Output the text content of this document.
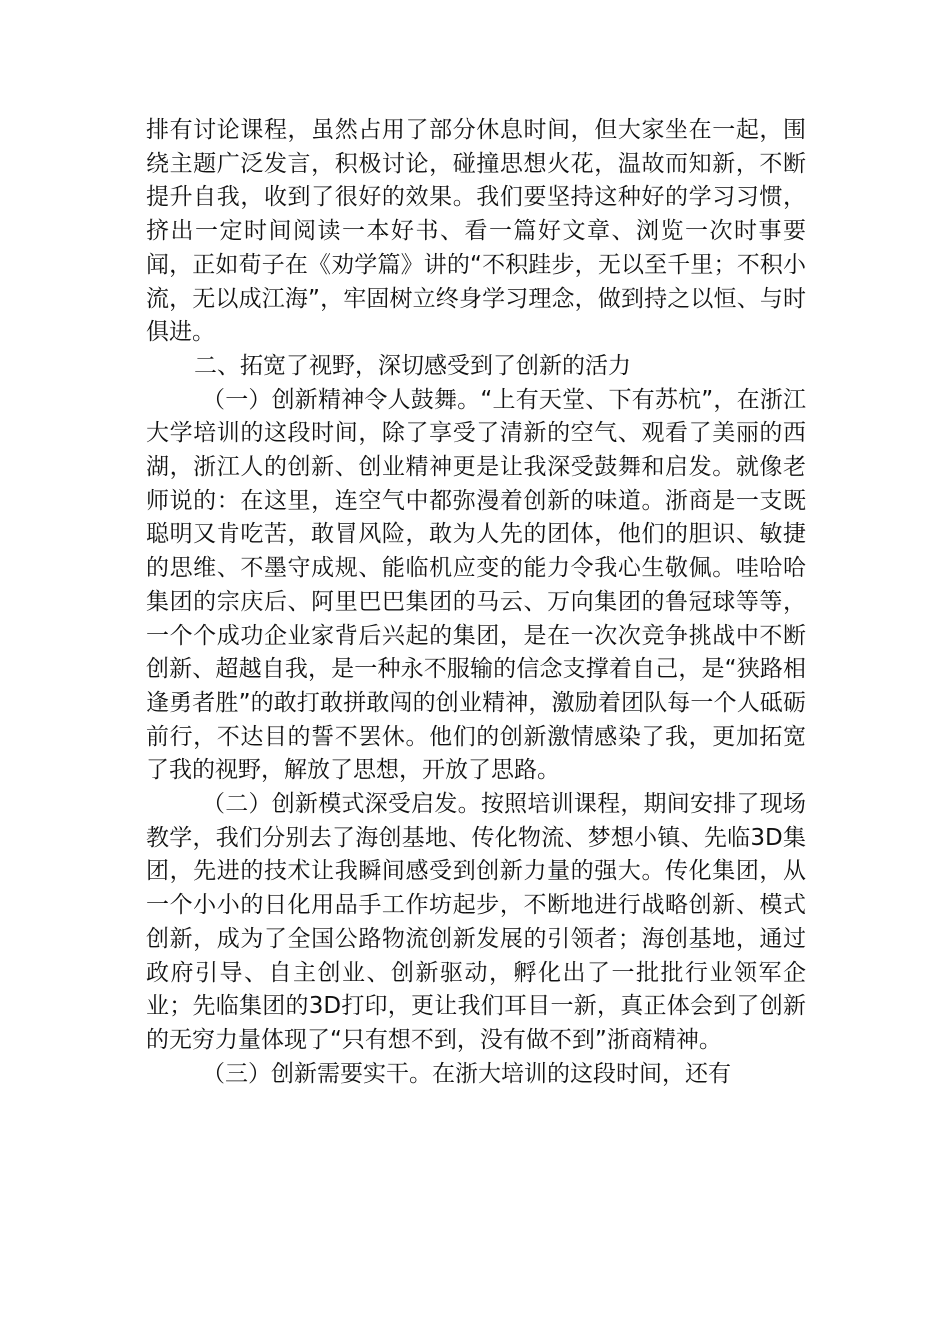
排有讨论课程，虽然占用了部分休息时间，但大家坐在一起，围绕主题广泛发言，积极讨论，碰撞思想火花，温故而知新，不断提升自我，收到了很好的效果。我们要坚持这种好的学习习惯，挤出一定时间阅读一本好书、看一篇好文章、浏览一次时事要闻，正如荀子在《劝学篇》讲的“不积跬步，无以至千里；不积小流，无以成江海”，牢固树立终身学习理念，做到持之以恒、与时俱进。

二、拓宽了视野，深切感受到了创新的活力

（一）创新精神令人鼓舞。“上有天堂、下有苏杭”，在浙江大学培训的这段时间，除了享受了清新的空气、观看了美丽的西湖，浙江人的创新、创业精神更是让我深受鼓舞和启发。就像老师说的：在这里，连空气中都弥漫着创新的味道。浙商是一支既聪明又肯吃苦，敢冒风险，敢为人先的团体，他们的胆识、敏捷的思维、不墨守成规、能临机应变的能力令我心生敬佩。哇哈哈集团的宗庆后、阿里巴巴集团的马云、万向集团的鲁冠球等等，一个个成功企业家背后兴起的集团，是在一次次竞争挑战中不断创新、超越自我，是一种永不服输的信念支撑着自己，是“狭路相逢勇者胜”的敢打敢拼敢闯的创业精神，激励着团队每一个人砥砺前行，不达目的誓不罢休。他们的创新激情感染了我，更加拓宽了我的视野，解放了思想，开放了思路。

（二）创新模式深受启发。按照培训课程，期间安排了现场教学，我们分别去了海创基地、传化物流、梦想小镇、先临3D集团，先进的技术让我瞬间感受到创新力量的强大。传化集团，从一个小小的日化用品手工作坊起步，不断地进行战略创新、模式创新，成为了全国公路物流创新发展的引领者；海创基地，通过政府引导、自主创业、创新驱动，孵化出了一批批行业领军企业；先临集团的3D打印，更让我们耳目一新，真正体会到了创新的无穷力量体现了“只有想不到，没有做不到”浙商精神。

（三）创新需要实干。在浙大培训的这段时间，还有
